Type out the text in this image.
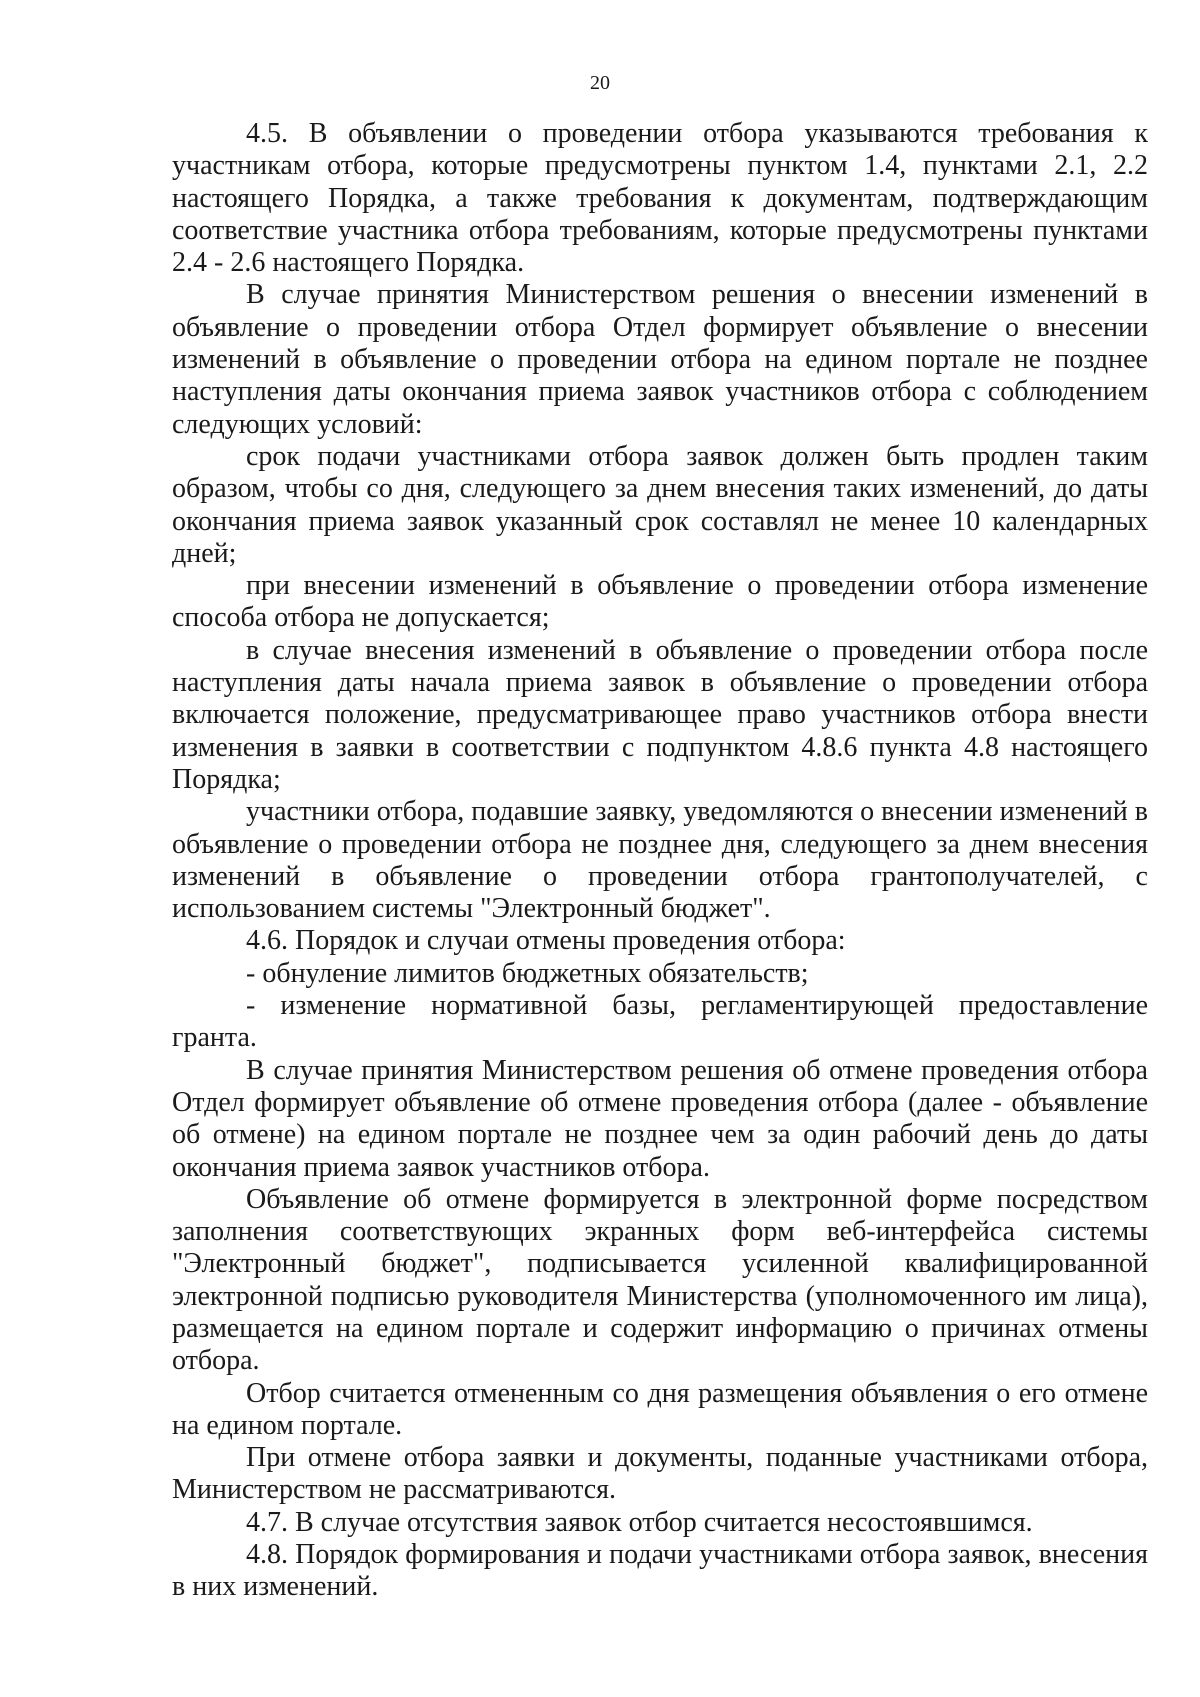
20

4.5. В объявлении о проведении отбора указываются требования к участникам отбора, которые предусмотрены пунктом 1.4, пунктами 2.1, 2.2 настоящего Порядка, а также требования к документам, подтверждающим соответствие участника отбора требованиям, которые предусмотрены пунктами 2.4 - 2.6 настоящего Порядка.

В случае принятия Министерством решения о внесении изменений в объявление о проведении отбора Отдел формирует объявление о внесении изменений в объявление о проведении отбора на едином портале не позднее наступления даты окончания приема заявок участников отбора с соблюдением следующих условий:

срок подачи участниками отбора заявок должен быть продлен таким образом, чтобы со дня, следующего за днем внесения таких изменений, до даты окончания приема заявок указанный срок составлял не менее 10 календарных дней;

при внесении изменений в объявление о проведении отбора изменение способа отбора не допускается;

в случае внесения изменений в объявление о проведении отбора после наступления даты начала приема заявок в объявление о проведении отбора включается положение, предусматривающее право участников отбора внести изменения в заявки в соответствии с подпунктом 4.8.6 пункта 4.8 настоящего Порядка;

участники отбора, подавшие заявку, уведомляются о внесении изменений в объявление о проведении отбора не позднее дня, следующего за днем внесения изменений в объявление о проведении отбора грантополучателей, с использованием системы "Электронный бюджет".

4.6. Порядок и случаи отмены проведения отбора:

- обнуление лимитов бюджетных обязательств;

- изменение нормативной базы, регламентирующей предоставление гранта.

В случае принятия Министерством решения об отмене проведения отбора Отдел формирует объявление об отмене проведения отбора (далее - объявление об отмене) на едином портале не позднее чем за один рабочий день до даты окончания приема заявок участников отбора.

Объявление об отмене формируется в электронной форме посредством заполнения соответствующих экранных форм веб-интерфейса системы "Электронный бюджет", подписывается усиленной квалифицированной электронной подписью руководителя Министерства (уполномоченного им лица), размещается на едином портале и содержит информацию о причинах отмены отбора.

Отбор считается отмененным со дня размещения объявления о его отмене на едином портале.

При отмене отбора заявки и документы, поданные участниками отбора, Министерством не рассматриваются.

4.7. В случае отсутствия заявок отбор считается несостоявшимся.

4.8. Порядок формирования и подачи участниками отбора заявок, внесения в них изменений.
